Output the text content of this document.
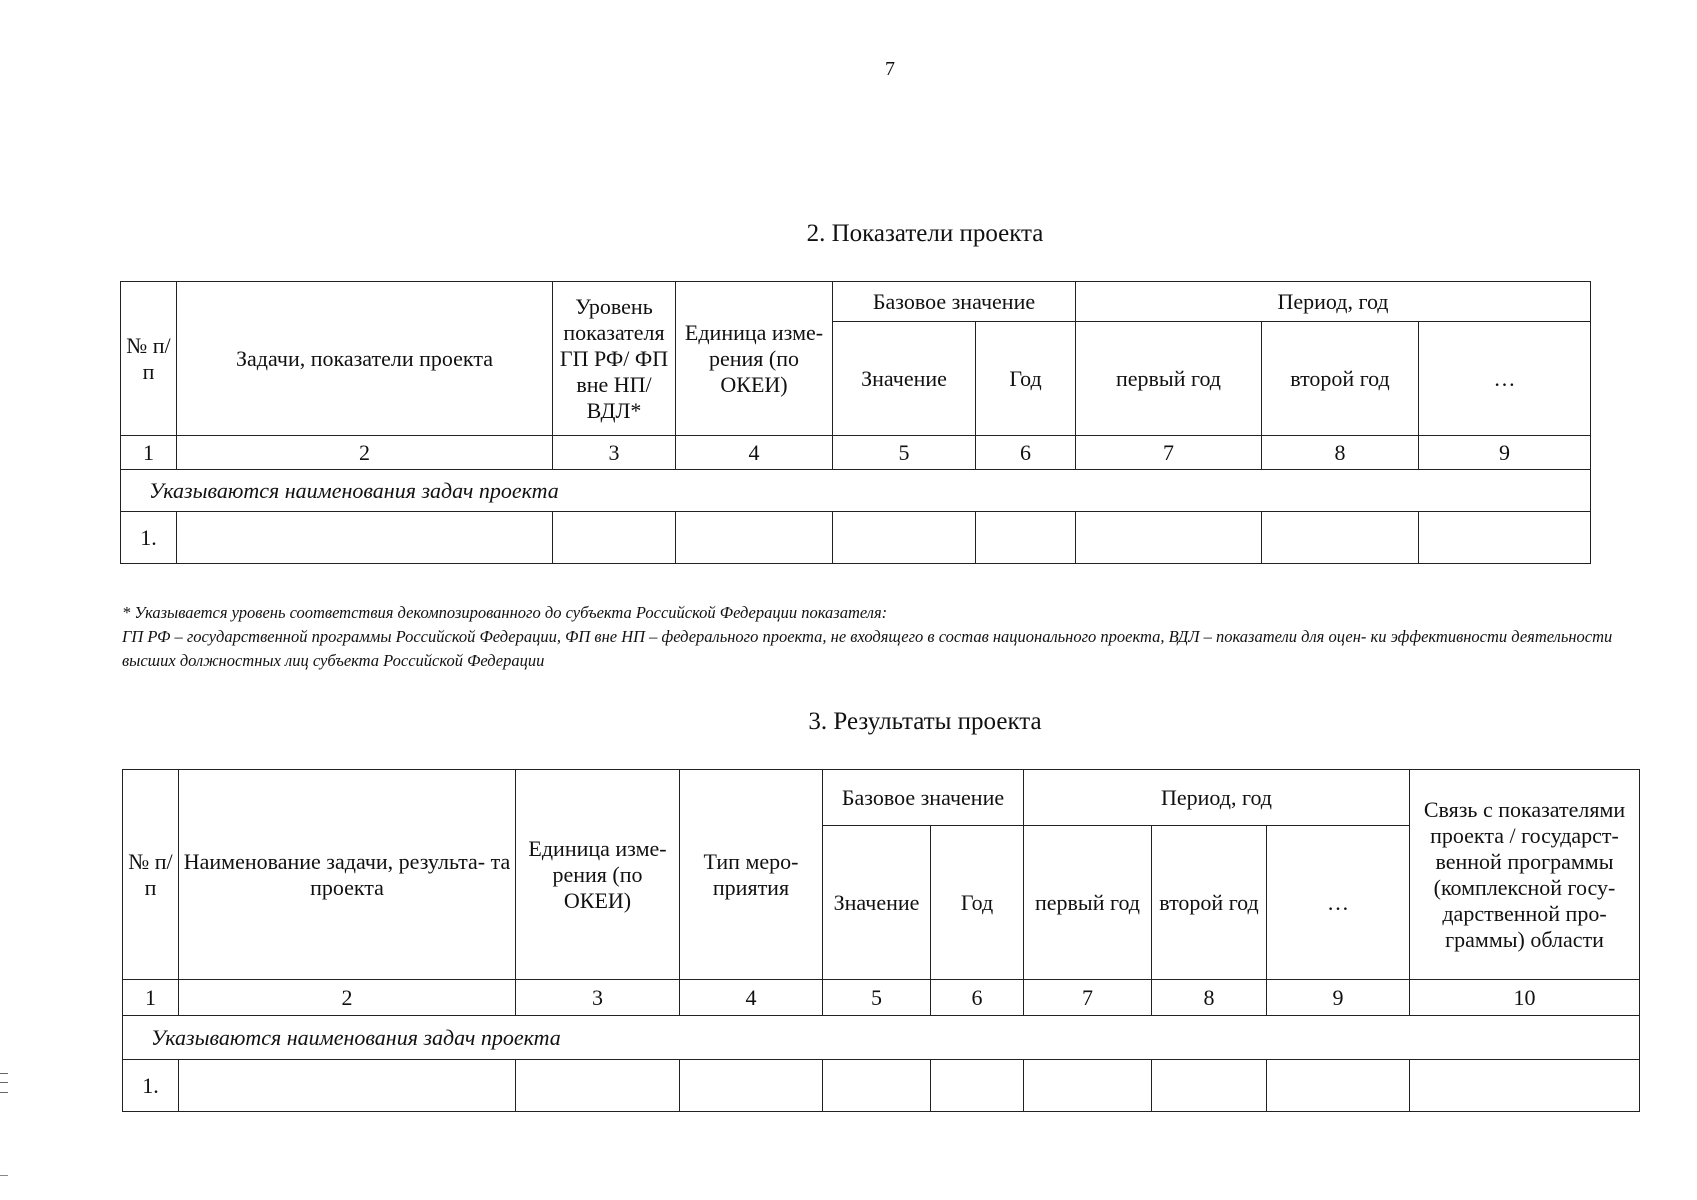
7
2. Показатели проекта
№ п/п	Задачи, показатели проекта	Уровень показателя ГП РФ/ ФП вне НП/ ВДЛ*	Единица изме- рения (по ОКЕИ)	Базовое значение		Период, год		
				Значение	Год	первый год	второй год	…
1	2	3	4	5	6	7	8	9
Указываются наименования задач проекта								
1.								

* Указывается уровень соответствия декомпозированного до субъекта Российской Федерации показателя:

ГП РФ – государственной программы Российской Федерации, ФП вне НП – федерального проекта, не входящего в состав национального проекта, ВДЛ – показатели для оцен- ки эффективности деятельности высших должностных лиц субъекта Российской Федерации

3. Результаты проекта
№ п/п	Наименование задачи, результа- та проекта	Единица изме- рения (по ОКЕИ)	Тип меро- приятия	Базовое значение		Период, год			Связь с показателями проекта / государст- венной программы (комплексной госу- дарственной про- граммы) области
				Значение	Год	первый год	второй год	…	
1	2	3	4	5	6	7	8	9	10
Указываются наименования задач проекта									
1.									
